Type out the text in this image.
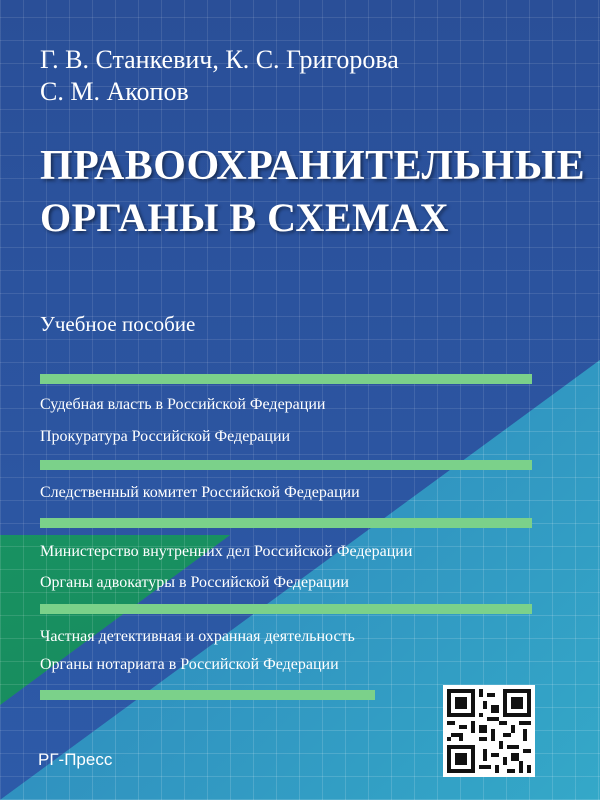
Г. В. Станкевич, К. С. Григорова
С. М. Акопов
ПРАВООХРАНИТЕЛЬНЫЕ
ОРГАНЫ В СХЕМАХ
Учебное пособие
Судебная власть в Российской Федерации
Прокуратура Российской Федерации
Следственный комитет Российской Федерации
Министерство внутренних дел Российской Федерации
Органы адвокатуры в Российской Федерации
Частная детективная и охранная деятельность
Органы нотариата в Российской Федерации
РГ-Пресс
